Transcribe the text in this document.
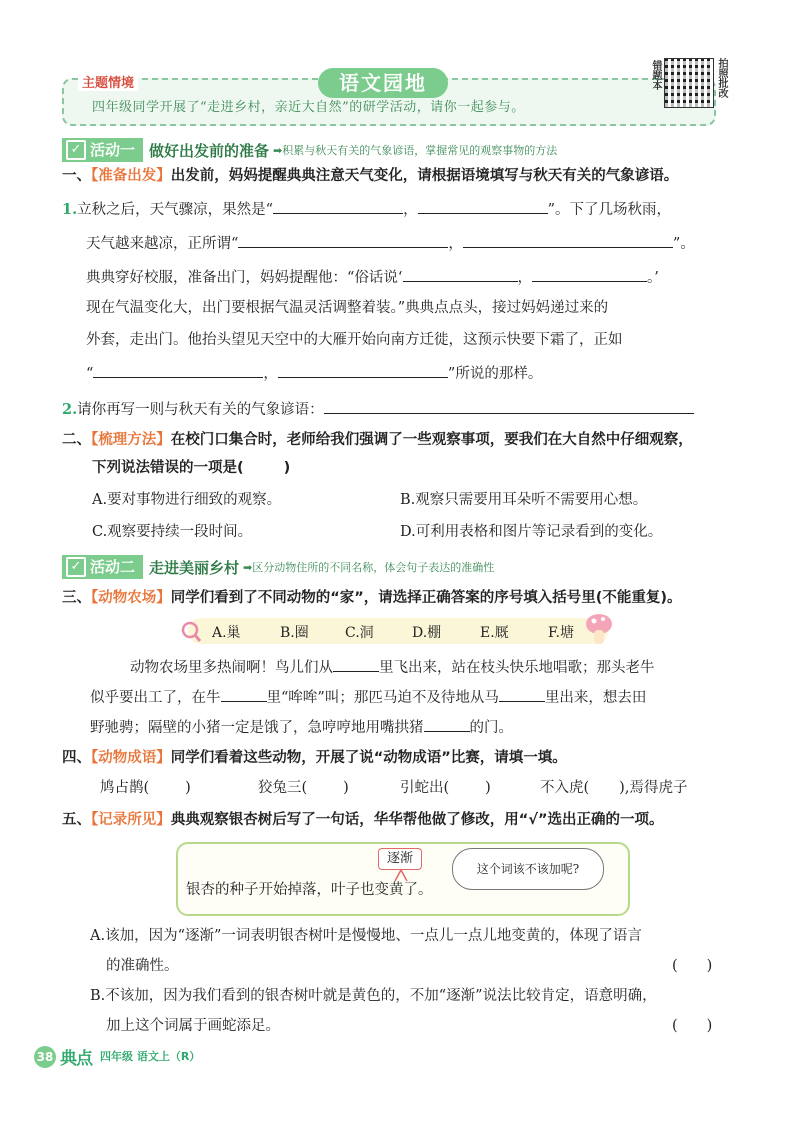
主题情境	语文园地
四年级同学开展了“走进乡村，亲近大自然”的研学活动，请你一起参与。
错题本	拍照批改
✓ 活动一 做好出发前的准备 ➡积累与秋天有关的气象谚语，掌握常见的观察事物的方法
一、【准备出发】出发前，妈妈提醒典典注意天气变化，请根据语境填写与秋天有关的气象谚语。
1.立秋之后，天气骤凉，果然是“	，	”。下了几场秋雨，
天气越来越凉，正所谓“	，	”。
典典穿好校服，准备出门，妈妈提醒他：“俗话说‘	，	。’
现在气温变化大，出门要根据气温灵活调整着装。”典典点点头，接过妈妈递过来的
外套，走出门。他抬头望见天空中的大雁开始向南方迁徙，这预示快要下霜了，正如
“	，	”所说的那样。
2.请你再写一则与秋天有关的气象谚语：
二、【梳理方法】在校门口集合时，老师给我们强调了一些观察事项，要我们在大自然中仔细观察，
下列说法错误的一项是(	)
A.要对事物进行细致的观察。	B.观察只需要用耳朵听不需要用心想。
C.观察要持续一段时间。	D.可利用表格和图片等记录看到的变化。
✓ 活动二 走进美丽乡村 ➡区分动物住所的不同名称，体会句子表达的准确性
三、【动物农场】同学们看到了不同动物的“家”，请选择正确答案的序号填入括号里(不能重复)。
A.巢	B.圈	C.洞	D.棚	E.厩	F.塘
动物农场里多热闹啊！鸟儿们从	里飞出来，站在枝头快乐地唱歌；那头老牛
似乎要出工了，在牛	里“哞哞”叫；那匹马迫不及待地从马	里出来，想去田
野驰骋；隔壁的小猪一定是饿了，急哼哼地用嘴拱猪	的门。
四、【动物成语】同学们看着这些动物，开展了说“动物成语”比赛，请填一填。
鸠占鹊( )	狡兔三( )	引蛇出( )	不入虎( ),焉得虎子
五、【记录所见】典典观察银杏树后写了一句话，华华帮他做了修改，用“√”选出正确的一项。
逐渐
这个词该不该加呢?
银杏的种子开始掉落，叶子也变黄了。
A.该加，因为“逐渐”一词表明银杏树叶是慢慢地、一点儿一点儿地变黄的，体现了语言
的准确性。	(　　)
B.不该加，因为我们看到的银杏树叶就是黄色的，不加“逐渐”说法比较肯定，语意明确，
加上这个词属于画蛇添足。	(　　)
38 典点 四年级 语文上（R）
